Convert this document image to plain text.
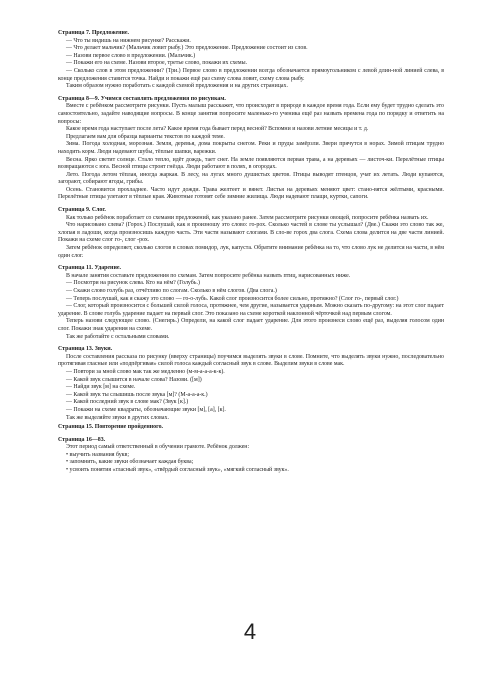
Страница 7. Предложение.
— Что ты видишь на нижнем рисунке? Расскажи.
— Что делает мальчик? (Мальчик ловит рыбу.) Это предложение. Предложение состоит из слов.
— Назови первое слово в предложении. (Мальчик.)
— Покажи его на схеме. Назови второе, третье слово, покажи их схемы.
— Сколько слов в этом предложении? (Три.) Первое слово в предложении всегда обозначается прямоугольником с левой длин-ной линией слева, в конце предложения ставится точка. Найди и покажи ещё раз схему слова ловит, схему слова рыбу.
Таким образом нужно поработать с каждой схемой предложения и на других страницах.
Страница 8—9. Учимся составлять предложения по рисункам.
Вместе с ребёнком рассмотрите рисунки. Пусть малыш расскажет, что происходит в природе в каждое время года. Если ему будет трудно сделать это самостоятельно, задайте наводящие вопросы. В конце занятия попросите маленько-го ученика ещё раз назвать времена года по порядку и ответить на вопросы:
Какое время года наступает после лета? Какое время года бывает перед весной? Вспомни и назови летние месяцы и т. д.
Предлагаем вам для образца варианты текстов по каждой теме.
Зима. Погода холодная, морозная. Земля, деревья, дома покрыты снегом. Реки и пруды замёрзли. Звери прячутся в норах. Зимой птицам трудно находить корм. Люди надевают шубы, тёплые шапки, варежки.
Весна. Ярко светит солнце. Стало тепло, идёт дождь, тает снег. На земле появляются первая трава, а на деревьях — листоч-ки. Перелётные птицы возвращаются с юга. Весной птицы строят гнёзда. Люди работают в полях, в огородах.
Лето. Погода летом тёплая, иногда жаркая. В лесу, на лугах много душистых цветов. Птицы выводят птенцов, учат их летать. Люди купаются, загорают, собирают ягоды, грибы.
Осень. Становится прохладнее. Часто идут дожди. Трава желтеет и вянет. Листья на деревьях меняют цвет: стано-вятся жёлтыми, красными. Перелётные птицы улетают в тёплые края. Животные готовят себе зимние жилища. Люди надевают плащи, куртки, сапоги.
Страница 9. Слог.
Как только ребёнок поработает со схемами предложений, как указано ранее. Затем рассмотрите рисунки овощей, попросите ребёнка назвать их.
Что нарисовано слева? (Горох.) Послушай, как я произношу это слово: го-рох. Сколько частей в слове ты услышал? (Две.) Скажи это слово так же, хлопая в ладоши, когда произносишь каждую часть. Эти части называют слогами. В сло-ве горох два слога. Схема слова делится на две части линией. Покажи на схеме слог го-, слог -рох.
Затем ребёнок определяет, сколько слогов в словах помидор, лук, капуста. Обратите внимание ребёнка на то, что слово лук не делится на части, в нём один слог.
Страница 11. Ударение.
В начале занятия составьте предложения по схемам. Затем попросите ребёнка назвать птиц, нарисованных ниже.
— Посмотри на рисунок слева. Кто на нём? (Голубь.)
— Скажи слово голубь раз, отчётливо по слогам. Сколько в нём слогов. (Два слога.)
— Теперь послушай, как я скажу это слово — го-о-лубь. Какой слог произносится более сильно, протяжно? (Слог го-, первый слог.)
— Слог, который произносится с большей силой голоса, протяжнее, чем другие, называется ударным. Можно сказать по-другому: на этот слог падает ударение. В слове голубь ударение падает на первый слог. Это показано на схеме короткой наклонной чёрточкой над первым слогом.
Теперь назови следующее слово. (Снегирь.) Определи, на какой слог падает ударение. Для этого произнеси слово ещё раз, выделяя голосом один слог. Покажи знак ударения на схеме.
Так же работайте с остальными словами.
Страница 13. Звуки.
После составления рассказа по рисунку (вверху страницы) поучимся выделять звуки в слове. Помните, что выделять звуки нужно, последовательно протягивая гласные или «подпёргивая» силой голоса каждый согласный звук в слове. Выделим звуки в слове мак.
— Повтори за мной слово мак так же медленно (м-м-а-а-а-к-к).
— Какой звук слышится в начале слова? Назови. ([м])
— Найди звук [м] на схеме.
— Какой звук ты слышишь после звука [м]? (М-а-а-а-к.)
— Какой последний звук в слове мак? (Звук [к].)
— Покажи на схеме квадраты, обозначающие звуки [м], [а], [к].
Так же выделяйте звуки в других словах.
Страница 15. Повторение пройденного.
Страница 16—83.
Этот период самый ответственный в обучении грамоте. Ребёнок должен:
• выучить названия букв;
• запомнить, какие звуки обозначает каждая буква;
• усвоить понятия «гласный звук», «твёрдый согласный звук», «мягкий согласный звук».
4
